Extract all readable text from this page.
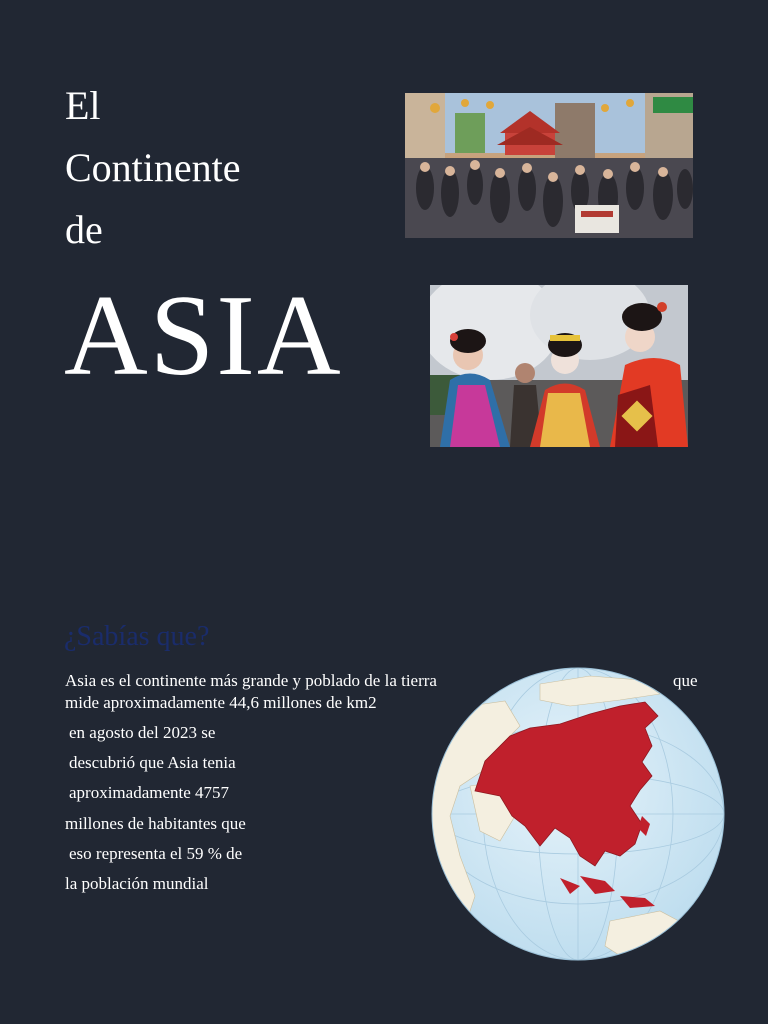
El
Continente
de
ASIA
¿Sabías que?
Asia es el continente más grande y poblado de la tierra	que
mide aproximadamente 44,6 millones de km2
en agosto del 2023 se
descubrió que Asia tenia
aproximadamente 4757
millones de habitantes que
eso representa el 59 % de
la población mundial
